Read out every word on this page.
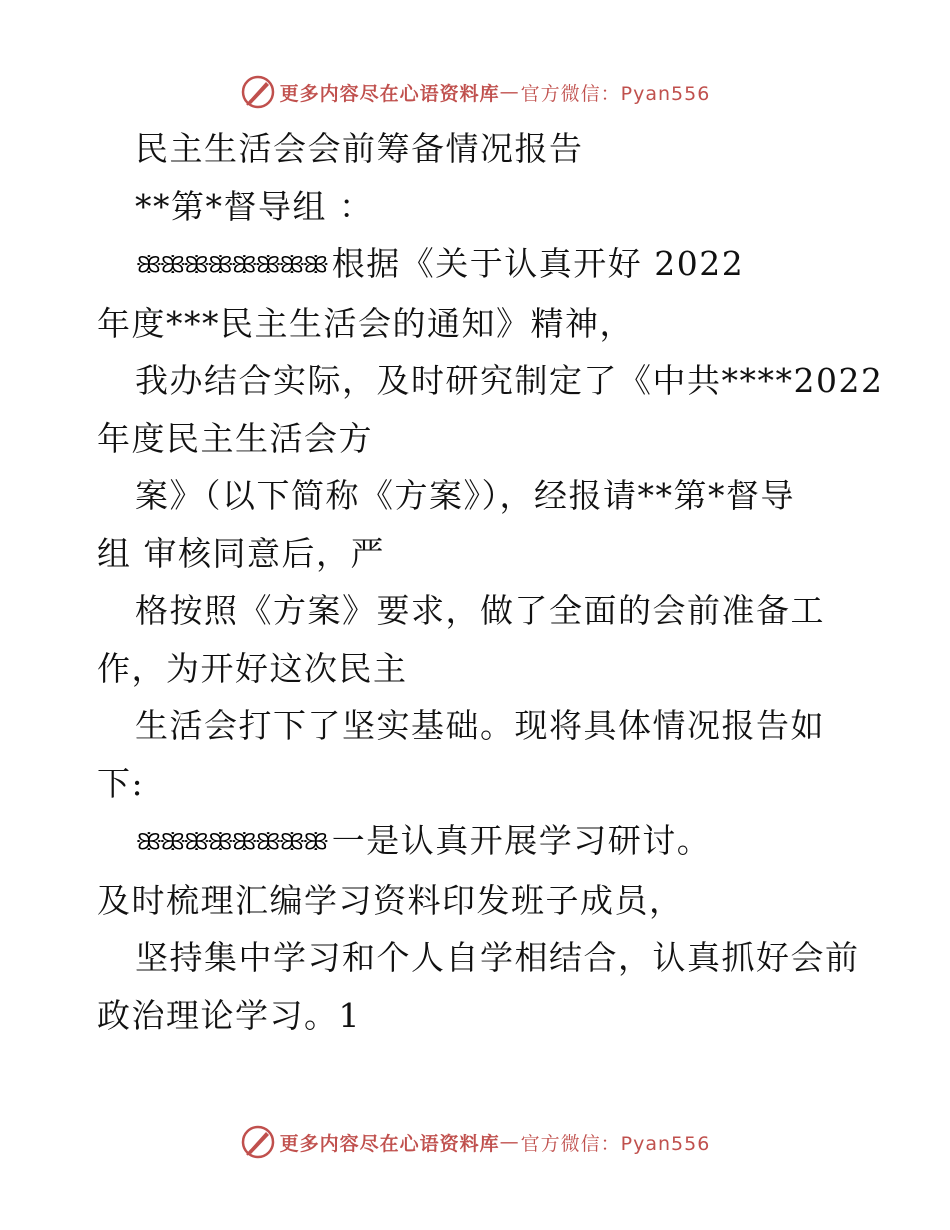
更多内容尽在心语资料库 — 官方微信：Pyan556
民主生活会会前筹备情况报告
**第*督导组 ：
ꕥꕥꕥꕥꕥꕥꕥꕥ 根据《关于认真开好 2022
年度***民主生活会的通知》精神，
我办结合实际，及时研究制定了《中共****2022
年度民主生活会方
案》（以下简称《方案》），经报请**第*督导
组 审核同意后，严
格按照《方案》要求，做了全面的会前准备工
作，为开好这次民主
生活会打下了坚实基础。现将具体情况报告如
下:
ꕥꕥꕥꕥꕥꕥꕥꕥ 一是认真开展学习研讨。
及时梳理汇编学习资料印发班子成员，
坚持集中学习和个人自学相结合，认真抓好会前
政治理论学习。1
更多内容尽在心语资料库 — 官方微信：Pyan556
